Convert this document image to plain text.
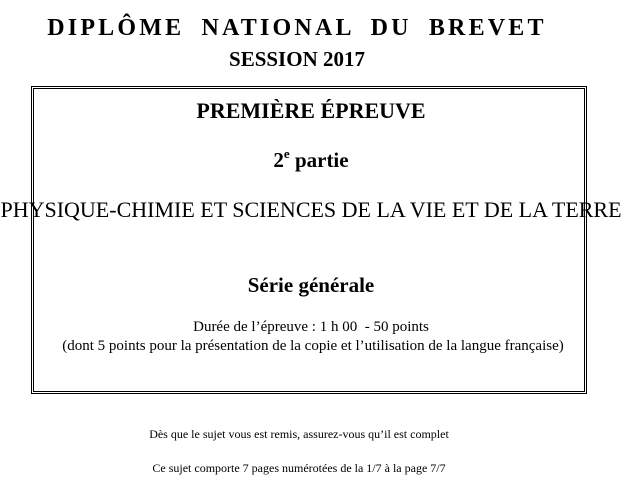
DIPLÔME NATIONAL DU BREVET
SESSION 2017
PREMIÈRE ÉPREUVE
2e partie
PHYSIQUE-CHIMIE ET SCIENCES DE LA VIE ET DE LA TERRE
Série générale
Durée de l’épreuve : 1 h 00  - 50 points
(dont 5 points pour la présentation de la copie et l’utilisation de la langue française)
Dès que le sujet vous est remis, assurez-vous qu’il est complet
Ce sujet comporte 7 pages numérotées de la 1/7 à la page 7/7
